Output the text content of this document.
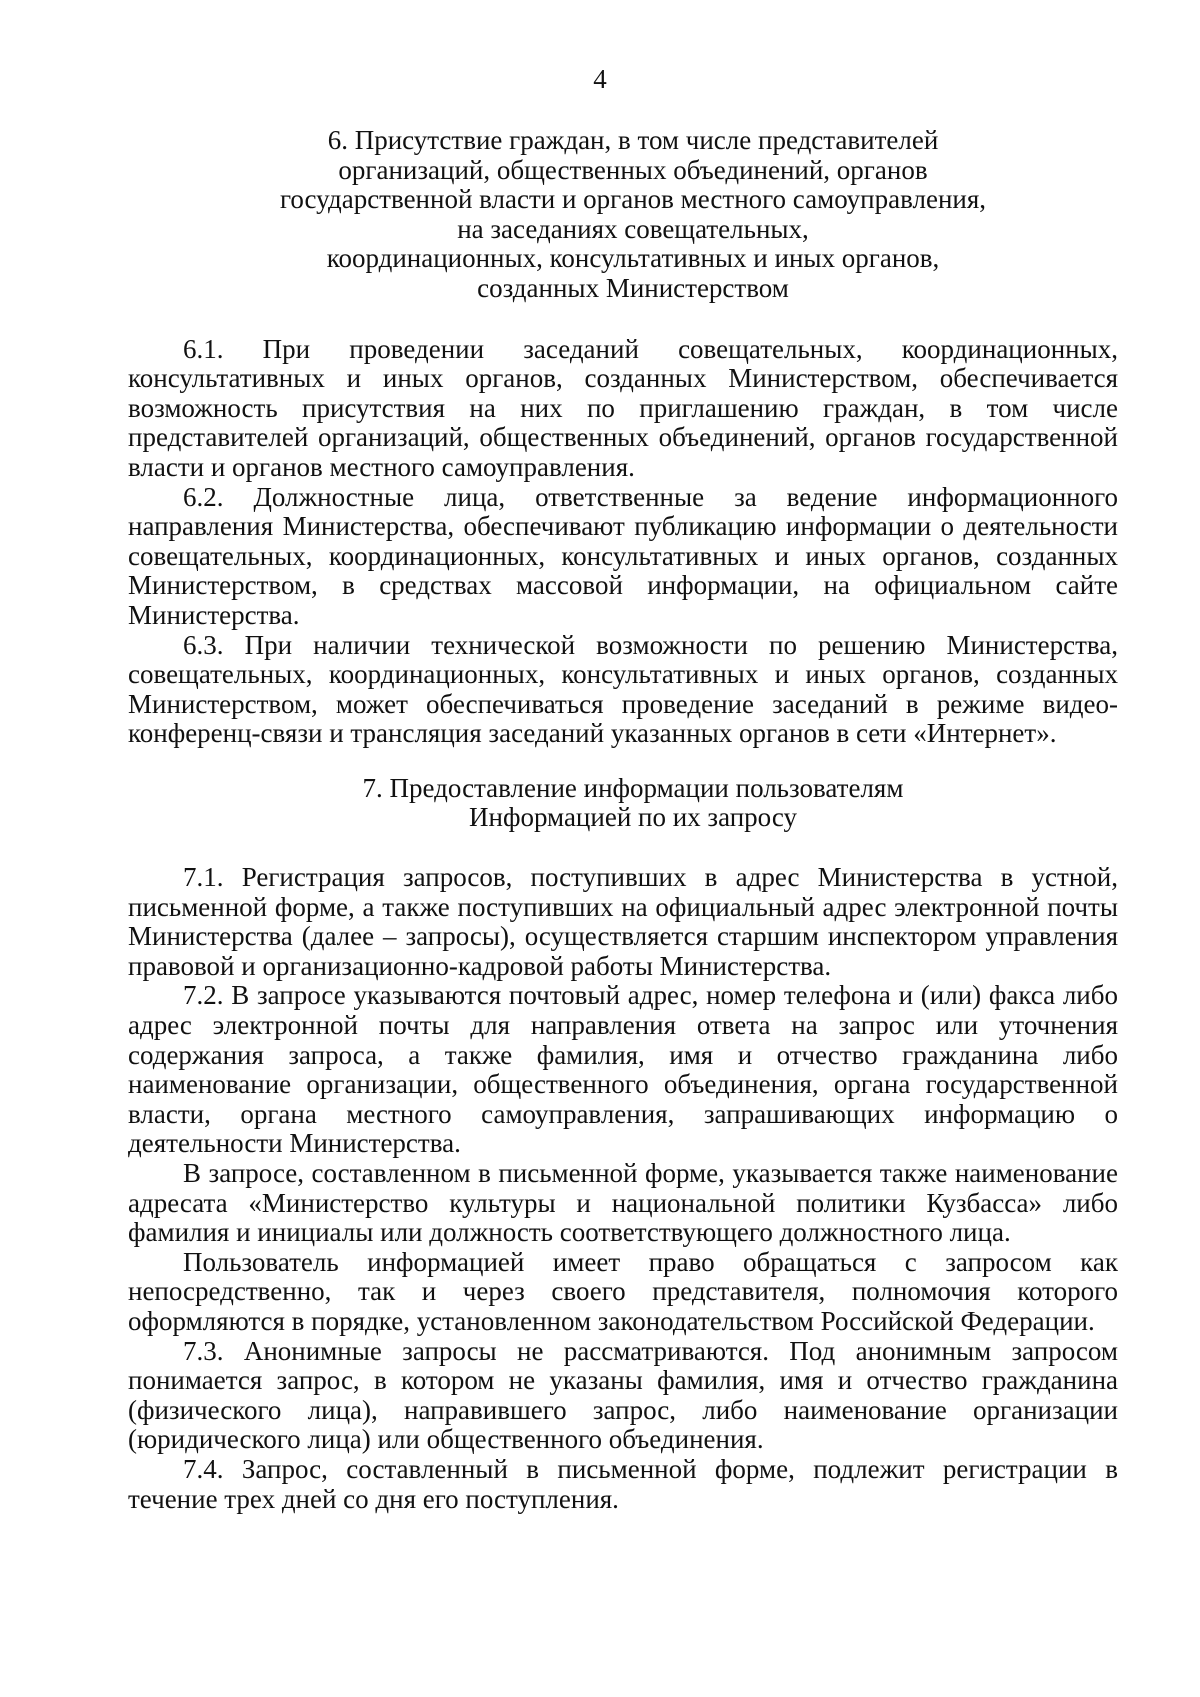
4
6. Присутствие граждан, в том числе представителей
организаций, общественных объединений, органов
государственной власти и органов местного самоуправления,
на заседаниях совещательных,
координационных, консультативных и иных органов,
созданных Министерством

6.1. При проведении заседаний совещательных, координационных, консультативных и иных органов, созданных Министерством, обеспечивается возможность присутствия на них по приглашению граждан, в том числе представителей организаций, общественных объединений, органов государственной власти и органов местного самоуправления.

6.2. Должностные лица, ответственные за ведение информационного направления Министерства, обеспечивают публикацию информации о деятельности совещательных, координационных, консультативных и иных органов, созданных Министерством, в средствах массовой информации, на официальном сайте Министерства.

6.3. При наличии технической возможности по решению Министерства, совещательных, координационных, консультативных и иных органов, созданных Министерством, может обеспечиваться проведение заседаний в режиме видео-конференц-связи и трансляция заседаний указанных органов в сети «Интернет».

7. Предоставление информации пользователям
Информацией по их запросу

7.1. Регистрация запросов, поступивших в адрес Министерства в устной, письменной форме, а также поступивших на официальный адрес электронной почты Министерства (далее – запросы), осуществляется старшим инспектором управления правовой и организационно-кадровой работы Министерства.

7.2. В запросе указываются почтовый адрес, номер телефона и (или) факса либо адрес электронной почты для направления ответа на запрос или уточнения содержания запроса, а также фамилия, имя и отчество гражданина либо наименование организации, общественного объединения, органа государственной власти, органа местного самоуправления, запрашивающих информацию о деятельности Министерства.

В запросе, составленном в письменной форме, указывается также наименование адресата «Министерство культуры и национальной политики Кузбасса» либо фамилия и инициалы или должность соответствующего должностного лица.

Пользователь информацией имеет право обращаться с запросом как непосредственно, так и через своего представителя, полномочия которого оформляются в порядке, установленном законодательством Российской Федерации.

7.3. Анонимные запросы не рассматриваются. Под анонимным запросом понимается запрос, в котором не указаны фамилия, имя и отчество гражданина (физического лица), направившего запрос, либо наименование организации (юридического лица) или общественного объединения.

7.4. Запрос, составленный в письменной форме, подлежит регистрации в течение трех дней со дня его поступления.
